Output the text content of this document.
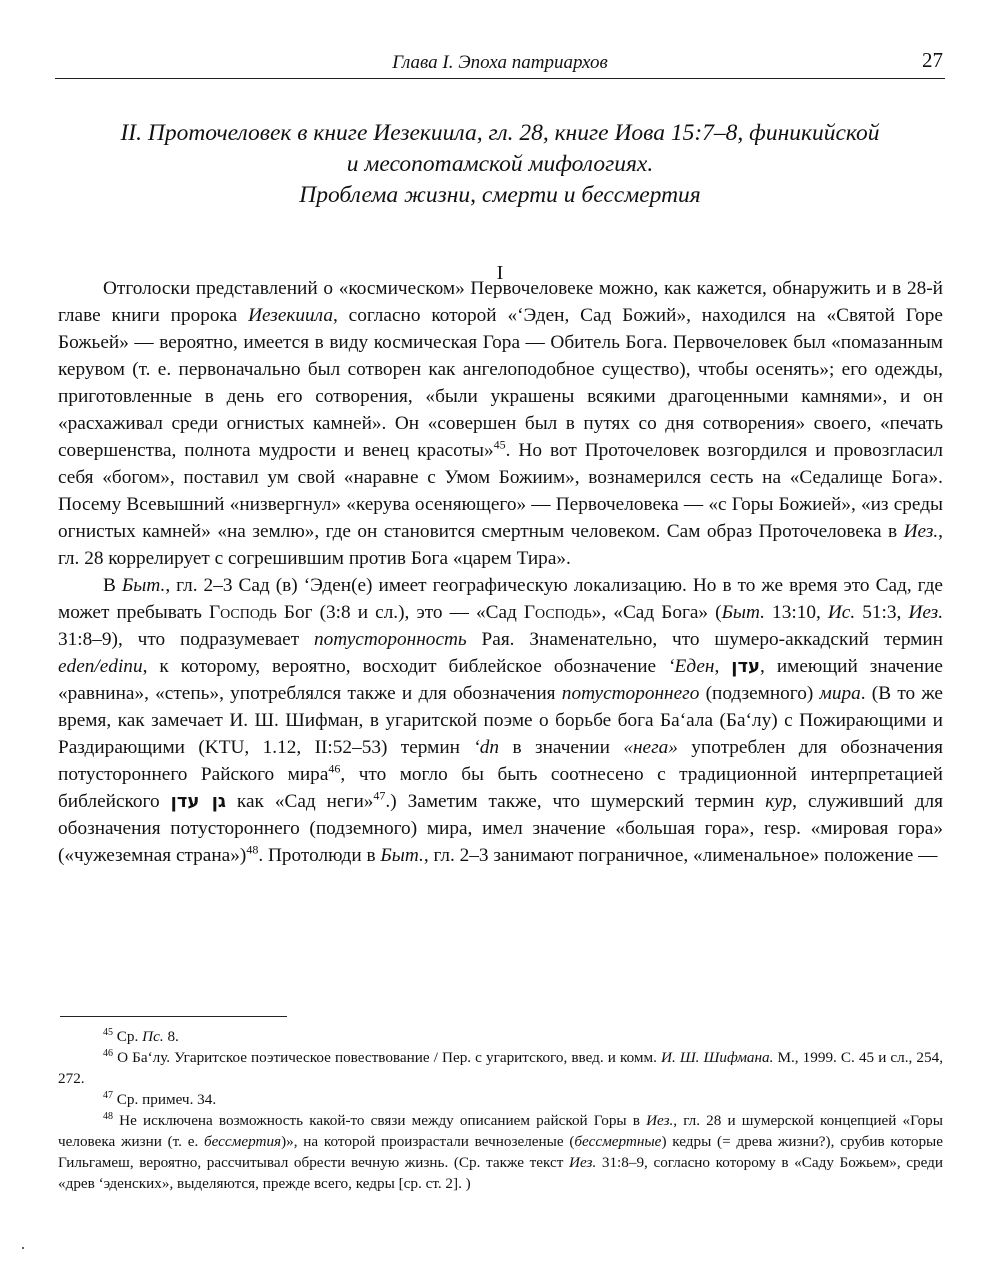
Глава I. Эпоха патриархов	27
II. Проточеловек в книге Иезекиила, гл. 28, книге Иова 15:7–8, финикийской
и месопотамской мифологиях.
Проблема жизни, смерти и бессмертия
I

Отголоски представлений о «космическом» Первочеловеке можно, как кажется, обнаружить и в 28-й главе книги пророка Иезекиила, согласно которой «‘Эден, Сад Божий», находился на «Святой Горе Божьей» — вероятно, имеется в виду космическая Гора — Обитель Бога. Первочеловек был «помазанным керувом (т. е. первоначально был сотворен как ангелоподобное существо), чтобы осенять»; его одежды, приготовленные в день его сотворения, «были украшены всякими драгоценными камнями», и он «расхаживал среди огнистых камней». Он «совершен был в путях со дня сотворения» своего, «печать совершенства, полнота мудрости и венец красоты»$^{45}$. Но вот Проточеловек возгордился и провозгласил себя «богом», поставил ум свой «наравне с Умом Божиим», вознамерился сесть на «Седалище Бога». Посему Всевышний «низвергнул» «керува осеняющего» — Первочеловека — «с Горы Божией», «из среды огнистых камней» «на землю», где он становится смертным человеком. Сам образ Проточеловека в Иез., гл. 28 коррелирует с согрешившим против Бога «царем Тира».

В Быт., гл. 2–3 Сад (в) ‘Эден(е) имеет географическую локализацию. Но в то же время это Сад, где может пребывать Господь Бог (3:8 и сл.), это — «Сад Господь», «Сад Бога» (Быт. 13:10, Ис. 51:3, Иез. 31:8–9), что подразумевает потусторонность Рая. Знаменательно, что шумеро-аккадский термин eden/edinu, к которому, вероятно, восходит библейское обозначение ‘Еден, עדן, имеющий значение «равнина», «степь», употреблялся также и для обозначения потустороннего (подземного) мира. (В то же время, как замечает И. Ш. Шифман, в угаритской поэме о борьбе бога Ба‘ала (Ба‘лу) с Пожирающими и Раздирающими (KTU, 1.12, II:52–53) термин ‘dn в значении «нега» употреблен для обозначения потустороннего Райского мира$^{46}$, что могло бы быть соотнесено с традиционной интерпретацией библейского גן עדן как «Сад неги»$^{47}$.) Заметим также, что шумерский термин кур, служивший для обозначения потустороннего (подземного) мира, имел значение «большая гора», resp. «мировая гора» («чужеземная страна»)$^{48}$. Протолюди в Быт., гл. 2–3 занимают пограничное, «лименальное» положение —

$^{45}$ Ср. Пс. 8.

$^{46}$ О Ба‘лу. Угаритское поэтическое повествование / Пер. с угаритского, введ. и комм. И. Ш. Шифмана. М., 1999. С. 45 и сл., 254, 272.

$^{47}$ Ср. примеч. 34.

$^{48}$ Не исключена возможность какой-то связи между описанием райской Горы в Иез., гл. 28 и шумерской концепцией «Горы человека жизни (т. е. бессмертия)», на которой произрастали вечнозеленые (бессмертные) кедры (= древа жизни?), срубив которые Гильгамеш, вероятно, рассчитывал обрести вечную жизнь. (Ср. также текст Иез. 31:8–9, согласно которому в «Саду Божьем», среди «древ ‘эденских», выделяются, прежде всего, кедры [ср. ст. 2]. )
